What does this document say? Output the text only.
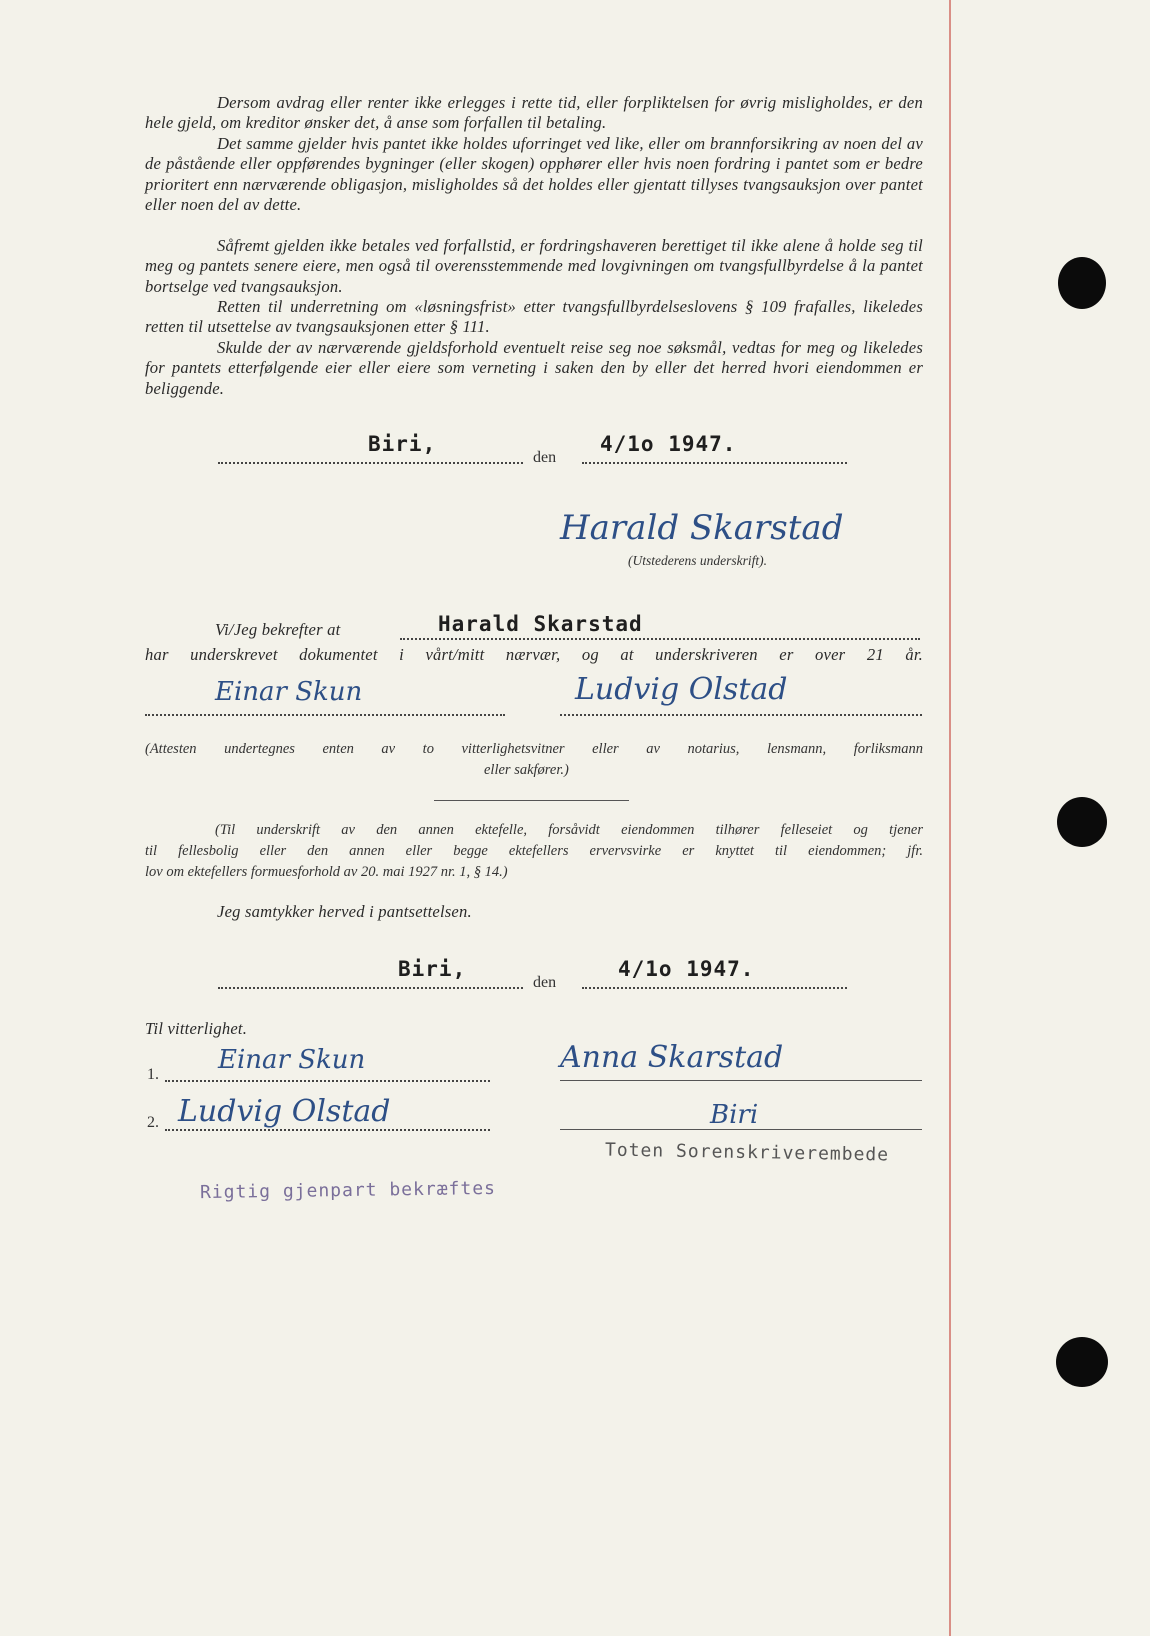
Dersom avdrag eller renter ikke erlegges i rette tid, eller forpliktelsen for øvrig misligholdes, er den hele gjeld, om kreditor ønsker det, å anse som forfallen til betaling.

Det samme gjelder hvis pantet ikke holdes uforringet ved like, eller om brannforsikring av noen del av de påstående eller oppførendes bygninger (eller skogen) opphører eller hvis noen fordring i pantet som er bedre prioritert enn nærværende obligasjon, misligholdes så det holdes eller gjentatt tillyses tvangsauksjon over pantet eller noen del av dette.

Såfremt gjelden ikke betales ved forfallstid, er fordringshaveren berettiget til ikke alene å holde seg til meg og pantets senere eiere, men også til overensstemmende med lovgivningen om tvangsfullbyrdelse å la pantet bortselge ved tvangsauksjon.

Retten til underretning om «løsningsfrist» etter tvangsfullbyrdelseslovens § 109 frafalles, likeledes retten til utsettelse av tvangsauksjonen etter § 111.

Skulde der av nærværende gjeldsforhold eventuelt reise seg noe søksmål, vedtas for meg og likeledes for pantets etterfølgende eier eller eiere som verneting i saken den by eller det herred hvori eiendommen er beliggende.

Biri,
den
4/1o 1947.
Harald Skarstad
(Utstederens underskrift).
Vi/Jeg bekrefter at	Harald Skarstad
har underskrevet dokumentet i vårt/mitt nærvær, og at underskriveren er over 21 år.
Einar Skun	Ludvig Olstad
(Attesten undertegnes enten av to vitterlighetsvitner eller av notarius, lensmann, forliksmann
eller sakfører.)
(Til underskrift av den annen ektefelle, forsåvidt eiendommen tilhører felleseiet og tjener
til fellesbolig eller den annen eller begge ektefellers ervervsvirke er knyttet til eiendommen; jfr.
lov om ektefellers formuesforhold av 20. mai 1927 nr. 1, § 14.)
Jeg samtykker herved i pantsettelsen.
Biri,
den
4/1o 1947.
Til vitterlighet.
1. Einar Skun	Anna Skarstad
2. Ludvig Olstad	Biri
Toten Sorenskriverembede
Rigtig gjenpart bekræftes
